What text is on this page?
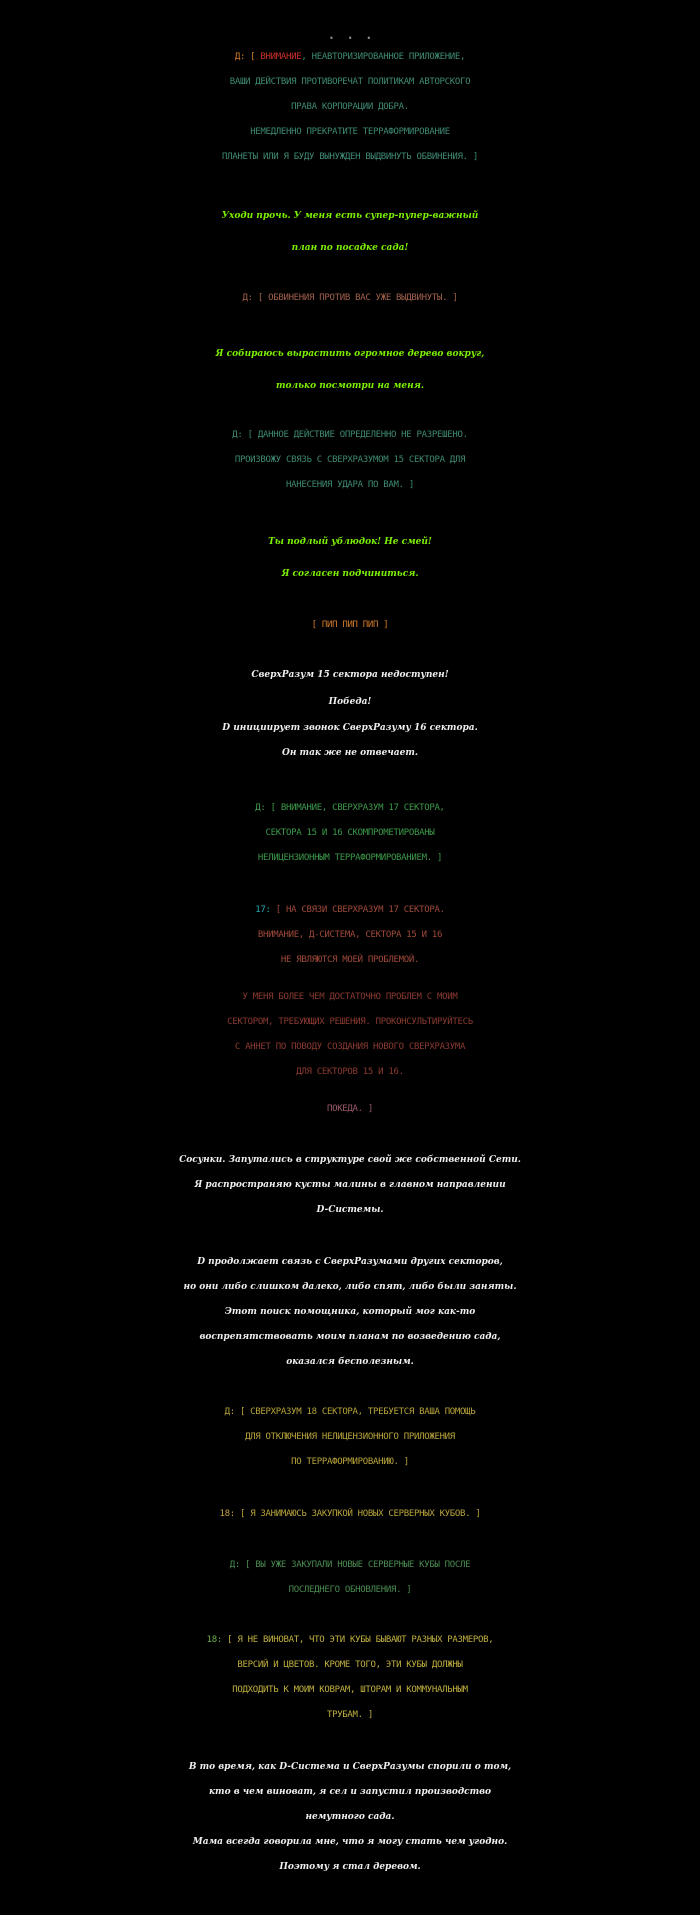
. . .
Д: [ ВНИМАНИЕ, НЕАВТОРИЗИРОВАННОЕ ПРИЛОЖЕНИЕ,
ВАШИ ДЕЙСТВИЯ ПРОТИВОРЕЧАТ ПОЛИТИКАМ АВТОРСКОГО
ПРАВА КОРПОРАЦИИ ДОБРА.
НЕМЕДЛЕННО ПРЕКРАТИТЕ ТЕРРАФОРМИРОВАНИЕ
ПЛАНЕТЫ ИЛИ Я БУДУ ВЫНУЖДЕН ВЫДВИНУТЬ ОБВИНЕНИЯ. ]
Уходи прочь. У меня есть супер-пупер-важный
план по посадке сада!
Д: [ ОБВИНЕНИЯ ПРОТИВ ВАС УЖЕ ВЫДВИНУТЫ. ]
Я собираюсь вырастить огромное дерево вокруг,
только посмотри на меня.
Д: [ ДАННОЕ ДЕЙСТВИЕ ОПРЕДЕЛЕННО НЕ РАЗРЕШЕНО.
ПРОИЗВОЖУ СВЯЗЬ С СВЕРХРАЗУМОМ 15 СЕКТОРА ДЛЯ
НАНЕСЕНИЯ УДАРА ПО ВАМ. ]
Ты подлый ублюдок! Не смей!
Я согласен подчиниться.
[ ПИП ПИП ПИП ]
СверхРазум 15 сектора недоступен!
Победа!
D инициирует звонок СверхРазуму 16 сектора.
Он так же не отвечает.
Д: [ ВНИМАНИЕ, СВЕРХРАЗУМ 17 СЕКТОРА,
СЕКТОРА 15 И 16 СКОМПРОМЕТИРОВАНЫ
НЕЛИЦЕНЗИОННЫМ ТЕРРАФОРМИРОВАНИЕМ. ]
17: [ НА СВЯЗИ СВЕРХРАЗУМ 17 СЕКТОРА.
ВНИМАНИЕ, Д-СИСТЕМА, СЕКТОРА 15 И 16
НЕ ЯВЛЯЮТСЯ МОЕЙ ПРОБЛЕМОЙ.
У МЕНЯ БОЛЕЕ ЧЕМ ДОСТАТОЧНО ПРОБЛЕМ С МОИМ
СЕКТОРОМ, ТРЕБУЮЩИХ РЕШЕНИЯ. ПРОКОНСУЛЬТИРУЙТЕСЬ
С АННЕТ ПО ПОВОДУ СОЗДАНИЯ НОВОГО СВЕРХРАЗУМА
ДЛЯ СЕКТОРОВ 15 И 16.
ПОКЕДА. ]
Сосунки. Запутались в структуре свой же собственной Сети.
Я распространяю кусты малины в главном направлении
D-Системы.
D продолжает связь с СверхРазумами других секторов,
но они либо слишком далеко, либо спят, либо были заняты.
Этот поиск помощника, который мог как-то
воспрепятствовать моим планам по возведению сада,
оказался бесполезным.
Д: [ СВЕРХРАЗУМ 18 СЕКТОРА, ТРЕБУЕТСЯ ВАША ПОМОЩЬ
ДЛЯ ОТКЛЮЧЕНИЯ НЕЛИЦЕНЗИОННОГО ПРИЛОЖЕНИЯ
ПО ТЕРРАФОРМИРОВАНИЮ. ]
18: [ Я ЗАНИМАЮСЬ ЗАКУПКОЙ НОВЫХ СЕРВЕРНЫХ КУБОВ. ]
Д: [ ВЫ УЖЕ ЗАКУПАЛИ НОВЫЕ СЕРВЕРНЫЕ КУБЫ ПОСЛЕ
ПОСЛЕДНЕГО ОБНОВЛЕНИЯ. ]
18: [ Я НЕ ВИНОВАТ, ЧТО ЭТИ КУБЫ БЫВАЮТ РАЗНЫХ РАЗМЕРОВ,
ВЕРСИЙ И ЦВЕТОВ. КРОМЕ ТОГО, ЭТИ КУБЫ ДОЛЖНЫ
ПОДХОДИТЬ К МОИМ КОВРАМ, ШТОРАМ И КОММУНАЛЬНЫМ
ТРУБАМ. ]
В то время, как D-Система и СверхРазумы спорили о том,
кто в чем виноват, я сел и запустил производство
немутного сада.
Мама всегда говорила мне, что я могу стать чем угодно.
Поэтому я стал деревом.
